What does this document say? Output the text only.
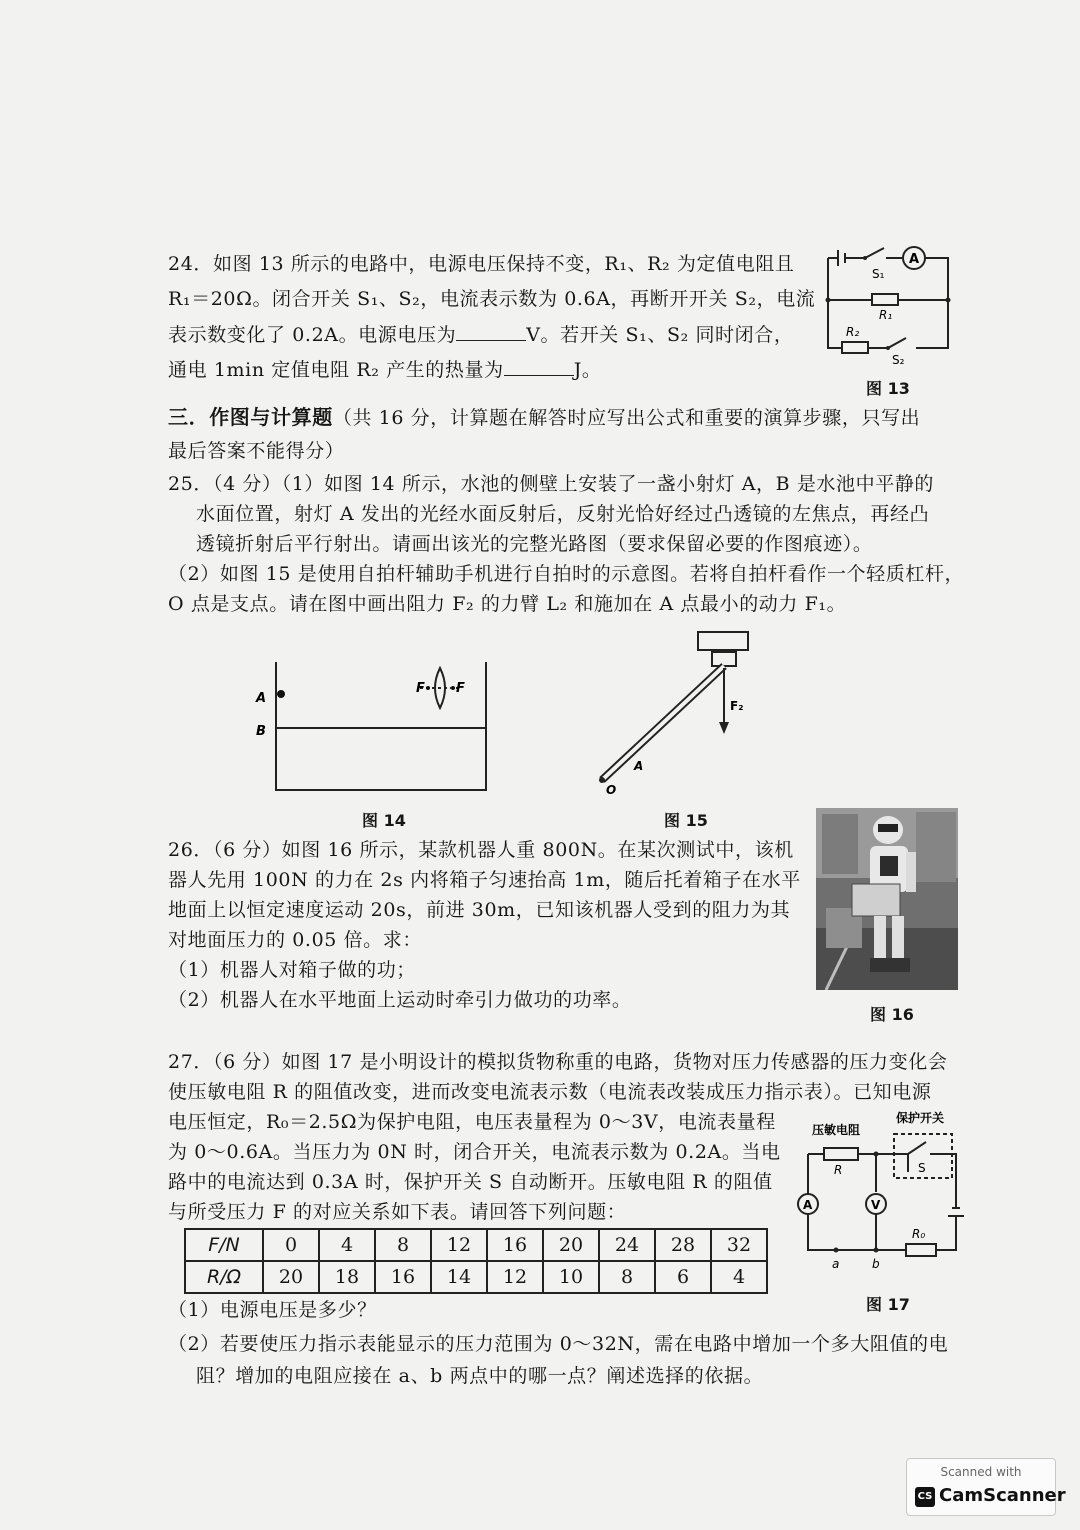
24．如图 13 所示的电路中，电源电压保持不变，R₁、R₂ 为定值电阻且
R₁＝20Ω。闭合开关 S₁、S₂，电流表示数为 0.6A，再断开开关 S₂，电流
表示数变化了 0.2A。电源电压为	V。若开关 S₁、S₂ 同时闭合，
通电 1min 定值电阻 R₂ 产生的热量为	J。
S₁
A
R₁
R₂
S₂
图 13
三．作图与计算题（共 16 分，计算题在解答时应写出公式和重要的演算步骤，只写出
最后答案不能得分）
25．（4 分）（1）如图 14 所示，水池的侧壁上安装了一盏小射灯 A，B 是水池中平静的
水面位置，射灯 A 发出的光经水面反射后，反射光恰好经过凸透镜的左焦点，再经凸
透镜折射后平行射出。请画出该光的完整光路图（要求保留必要的作图痕迹）。
（2）如图 15 是使用自拍杆辅助手机进行自拍时的示意图。若将自拍杆看作一个轻质杠杆，
O 点是支点。请在图中画出阻力 F₂ 的力臂 L₂ 和施加在 A 点最小的动力 F₁。
A
B
F F
图 14
F₂
A
O
图 15
26．（6 分）如图 16 所示，某款机器人重 800N。在某次测试中，该机
器人先用 100N 的力在 2s 内将箱子匀速抬高 1m，随后托着箱子在水平
地面上以恒定速度运动 20s，前进 30m，已知该机器人受到的阻力为其
对地面压力的 0.05 倍。求：
（1）机器人对箱子做的功；
（2）机器人在水平地面上运动时牵引力做功的功率。
图 16
27．（6 分）如图 17 是小明设计的模拟货物称重的电路，货物对压力传感器的压力变化会
使压敏电阻 R 的阻值改变，进而改变电流表示数（电流表改装成压力指示表）。已知电源
电压恒定，R₀＝2.5Ω为保护电阻，电压表量程为 0～3V，电流表量程
为 0～0.6A。当压力为 0N 时，闭合开关，电流表示数为 0.2A。当电
路中的电流达到 0.3A 时，保护开关 S 自动断开。压敏电阻 R 的阻值
与所受压力 F 的对应关系如下表。请回答下列问题：
压敏电阻
R
保护开关
S
A	V
R₀
a	b
图 17
F/N	0	4	8	12	16	20	24	28	32
R/Ω	20	18	16	14	12	10	8	6	4
（1）电源电压是多少？
（2）若要使压力指示表能显示的压力范围为 0～32N，需在电路中增加一个多大阻值的电
阻？增加的电阻应接在 a、b 两点中的哪一点？阐述选择的依据。
Scanned with
CS CamScanner
